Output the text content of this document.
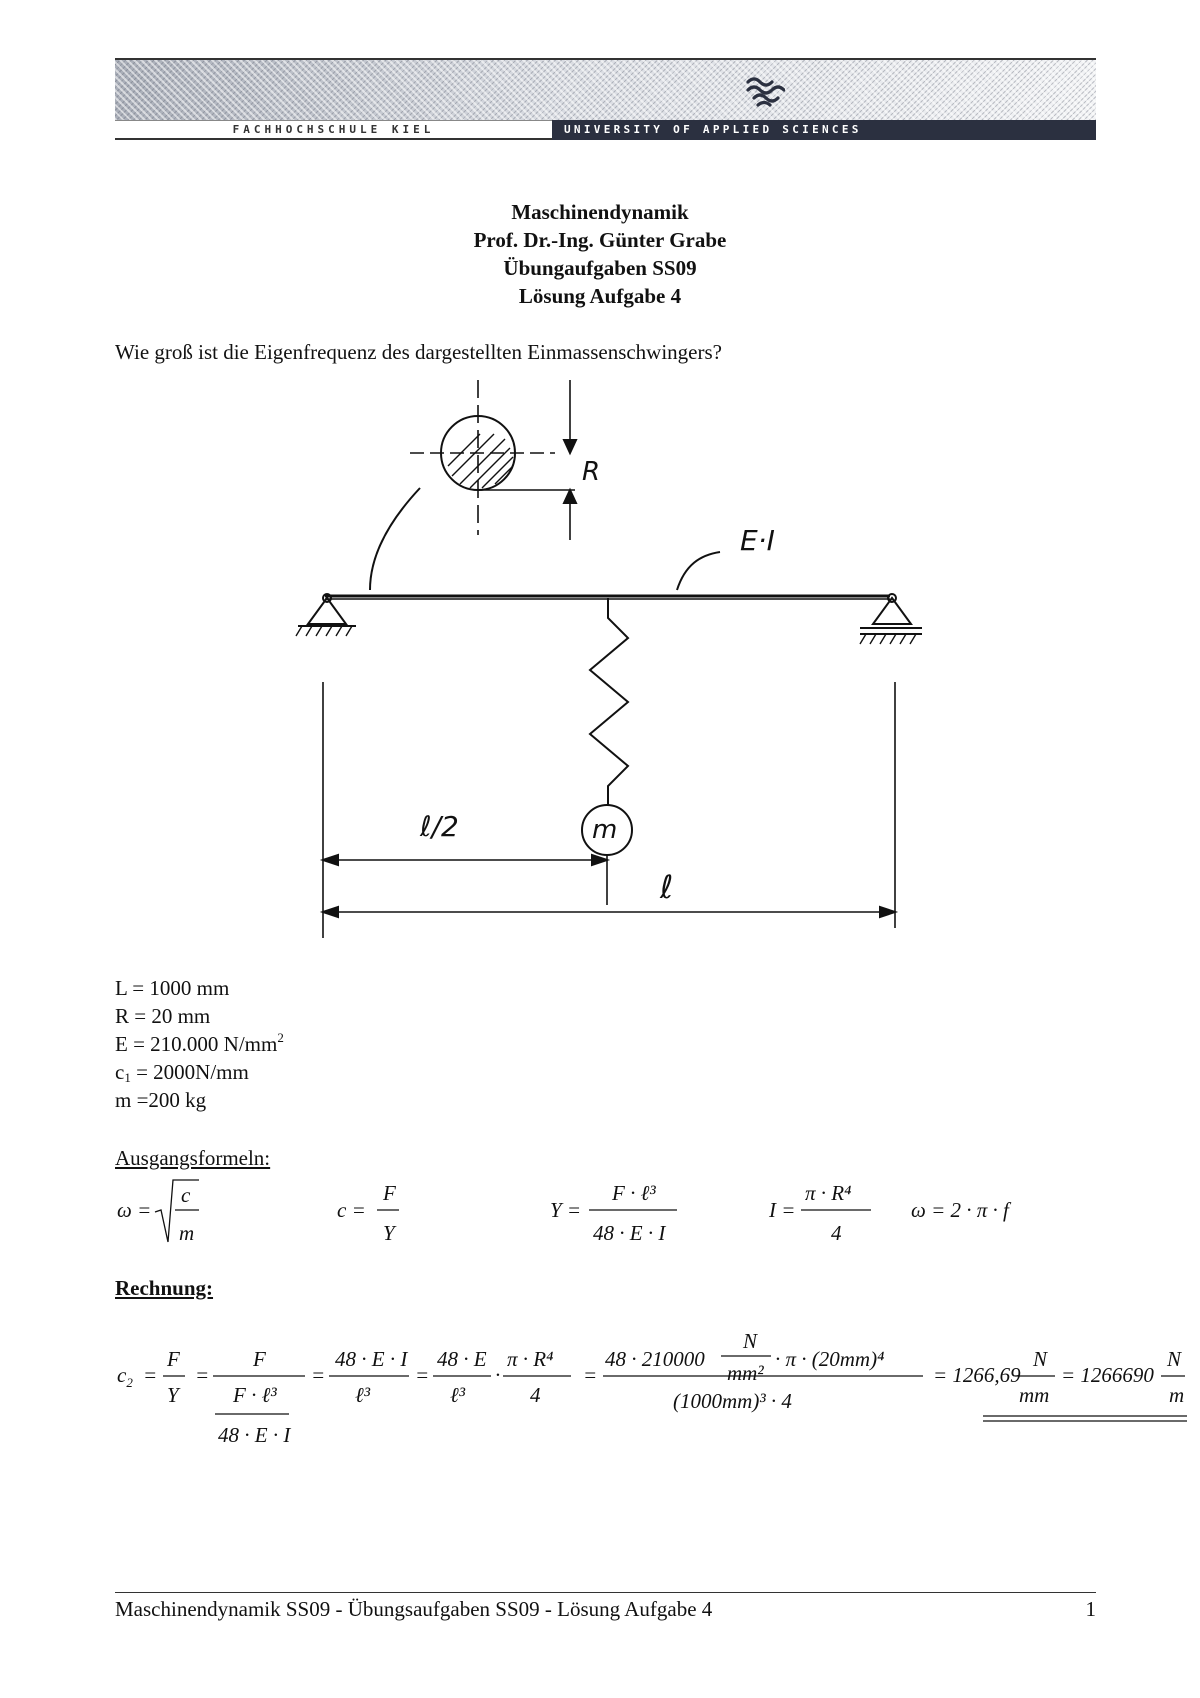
FACHHOCHSCHULE KIEL	UNIVERSITY OF APPLIED SCIENCES
Maschinendynamik
Prof. Dr.-Ing. Günter Grabe
Übungaufgaben SS09
Lösung Aufgabe 4
Wie groß ist die Eigenfrequenz des dargestellten Einmassenschwingers?
R
E·I
m
ℓ/2
ℓ
L = 1000 mm
R = 20 mm
E = 210.000 $N/mm^2$
$c_1 = 2000N/mm$
m =200 kg
Ausgangsformeln:
ω =
c
m
c =
F
Y
Y =
F · ℓ³
48 · E · I
I =
π · R⁴
4
ω = 2 · π · f
Rechnung:
$c_2$ =
F
Y
=
F
F · ℓ³
48 · E · I
=
48 · E · I
ℓ³
=
48 · E
ℓ³
·
π · R⁴
4
=
48 · 210000
N
mm²
· π · (20mm)⁴
(1000mm)³ · 4
= 1266,69
N
mm
= 1266690
N
m
Maschinendynamik SS09 - Übungsaufgaben SS09 - Lösung Aufgabe 4	1
